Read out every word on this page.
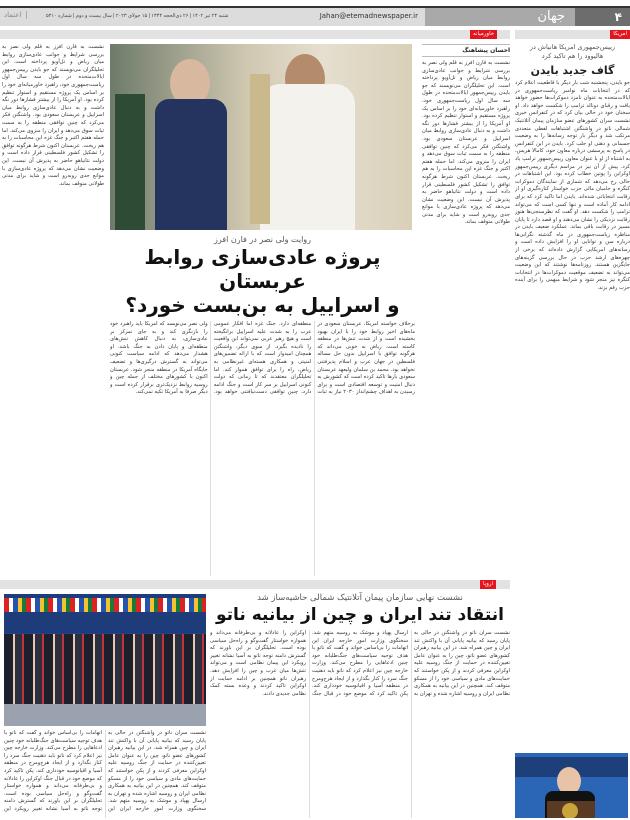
۴
جهان
Jahan@etemadnewspaper.ir
شنبه ۲۴ تیر ۱۴۰۲ | ۲۶ ذی‌الحجه ۱۴۴۴ | ۱۵ جولای ۲۰۲۳ | سال بیست و دوم | شماره ۵۴۱۰
اعتماد
امریکا
رییس‌جمهوری امریکا هانیاش در هالیوود را هم تاکید کرد
گاف جدید بایدن
جو بایدن، پنجشنبه شب بار دیگر با قاطعیت اعلام کرد که در انتخابات ماه نوامبر ریاست‌جمهوری در ایالات‌متحده به عنوان نامزد دموکرات‌ها حضور خواهد یافت و رقبای دونالد ترامپ را شکست خواهد داد. او سخنان خود در حالی بیان کرد که در کنفرانس خبری نشست سران کشورهای عضو سازمان پیمان آتلانتیک شمالی ناتو در واشنگتن اشتباهات لفظی متعددی مرتکب شد و دیگر بار توجه رسانه‌ها را به وضعیت جسمانی و ذهنی او جلب کرد. بایدن در این کنفرانس در پاسخ به پرسشی درباره معاون خود، کامالا هریس، به اشتباه از او با عنوان معاون رییس‌جمهور ترامپ یاد کرد. پیش از آن نیز در مراسم دیگری رییس‌جمهور اوکراین را پوتین خطاب کرده بود. این اشتباهات در حالی رخ می‌دهد که شماری از نمایندگان دموکرات کنگره و حامیان مالی حزب خواستار کناره‌گیری او از رقابت انتخاباتی شده‌اند. بایدن اما تاکید کرد که برای ادامه کار آماده است و تنها کسی است که می‌تواند ترامپ را شکست دهد. او گفت که نظرسنجی‌ها هنوز رقابت نزدیکی را نشان می‌دهند و او قصد دارد تا پایان مسیر در رقابت باقی بماند. عملکرد ضعیف بایدن در مناظره ریاست‌جمهوری در ماه گذشته نگرانی‌ها درباره سن و توانایی او را افزایش داده است و رسانه‌های امریکایی گزارش داده‌اند که برخی از چهره‌های ارشد حزب در حال بررسی گزینه‌های جایگزین هستند. روزنامه‌ها نوشتند که این وضعیت می‌تواند به تضعیف موقعیت دموکرات‌ها در انتخابات کنگره نیز منجر شود و شرایط مبهمی را برای آینده حزب رقم بزند.
خاورمیانه
احسان پیشاهنگ
نشست به قارن افرز به قلم ولی نصر به بررسی شرایط و جوانب عادی‌سازی روابط میان ریاض و تل‌آویو پرداخته است. این تحلیلگران می‌نویسند که جو بایدن رییس‌جمهور ایالات‌متحده در طول سه سال اول ریاست‌جمهوری خود، راهبرد خاورمیانه‌ای خود را بر اساس یک پروژه مستقیم و استوار تنظیم کرده بود. او آمریکا را از بیشتر فشارها دور نگه داشت و به دنبال عادی‌سازی روابط میان اسراییل و عربستان سعودی بود. واشنگتن فکر می‌کرد که چنین توافقی منطقه را به سمت ثبات سوق می‌دهد و ایران را منزوی می‌کند. اما حمله هفتم اکتبر و جنگ غزه این محاسبات را به هم ریخت. عربستان اکنون شرط هرگونه توافق را تشکیل کشور فلسطینی قرار داده است و دولت نتانیاهو حاضر به پذیرش آن نیست. این وضعیت نشان می‌دهد که پروژه عادی‌سازی با موانع جدی روبه‌رو است و شاید برای مدتی طولانی متوقف بماند.
روایت ولی نصر در فارن افرز
پروژه عادی‌سازی روابط عربستان
و اسراییل به بن‌بست خورد؟
برخلاف خواسته آمریکا، عربستان سعودی در ماه‌های اخیر روابط خود را با ایران بهبود بخشیده است و از شدت تنش‌ها در منطقه کاسته است. ریاض به خوبی می‌داند که هرگونه توافق با اسراییل بدون حل مساله فلسطین در جهان عرب و اسلام پذیرفتنی نخواهد بود. محمد بن سلمان ولیعهد عربستان سعودی بارها تاکید کرده است که کشورش به دنبال امنیت و توسعه اقتصادی است و برای رسیدن به اهداف چشم‌انداز ۲۰۳۰ نیاز به ثبات منطقه‌ای دارد. جنگ غزه اما افکار عمومی عرب را به شدت علیه اسراییل برانگیخته است و هیچ رهبر عربی نمی‌تواند این واقعیت را نادیده بگیرد. از سوی دیگر، واشنگتن همچنان امیدوار است که با ارائه تضمین‌های امنیتی و همکاری هسته‌ای غیرنظامی به ریاض، راه را برای توافق هموار کند. اما تحلیلگران معتقدند که تا زمانی که دولت کنونی اسراییل بر سر کار است و جنگ ادامه دارد، چنین توافقی دست‌نیافتنی خواهد بود. ولی نصر می‌نویسد که آمریکا باید راهبرد خود را بازنگری کند و به جای تمرکز بر عادی‌سازی، به دنبال کاهش تنش‌های منطقه‌ای و پایان دادن به جنگ باشد. او هشدار می‌دهد که ادامه سیاست کنونی می‌تواند به گسترش درگیری‌ها و تضعیف جایگاه آمریکا در منطقه منجر شود. عربستان اکنون با کشورهای مختلف از جمله چین و روسیه روابط نزدیک‌تری برقرار کرده است و دیگر صرفا به آمریکا تکیه نمی‌کند.
نشست به قارن افرز به قلم ولی نصر به بررسی شرایط و جوانب عادی‌سازی روابط میان ریاض و تل‌آویو پرداخته است. این تحلیلگران می‌نویسند که جو بایدن رییس‌جمهور ایالات‌متحده در طول سه سال اول ریاست‌جمهوری خود، راهبرد خاورمیانه‌ای خود را بر اساس یک پروژه مستقیم و استوار تنظیم کرده بود. او آمریکا را از بیشتر فشارها دور نگه داشت و به دنبال عادی‌سازی روابط میان اسراییل و عربستان سعودی بود. واشنگتن فکر می‌کرد که چنین توافقی منطقه را به سمت ثبات سوق می‌دهد و ایران را منزوی می‌کند. اما حمله هفتم اکتبر و جنگ غزه این محاسبات را به هم ریخت. عربستان اکنون شرط هرگونه توافق را تشکیل کشور فلسطینی قرار داده است و دولت نتانیاهو حاضر به پذیرش آن نیست. این وضعیت نشان می‌دهد که پروژه عادی‌سازی با موانع جدی روبه‌رو است و شاید برای مدتی طولانی متوقف بماند.
اروپا
نشست نهایی سازمان پیمان آتلانتیک شمالی حاشیه‌ساز شد
انتقاد تند ایران و چین از بیانیه ناتو
نشست سران ناتو در واشنگتن در حالی به پایان رسید که بیانیه پایانی آن با واکنش تند ایران و چین همراه شد. در این بیانیه رهبران کشورهای عضو ناتو، چین را به عنوان عامل تعیین‌کننده در حمایت از جنگ روسیه علیه اوکراین معرفی کردند و از پکن خواستند که حمایت‌های مادی و سیاسی خود را از مسکو متوقف کند. همچنین در این بیانیه به همکاری نظامی ایران و روسیه اشاره شده و تهران به ارسال پهپاد و موشک به روسیه متهم شد. سخنگوی وزارت امور خارجه ایران این اتهامات را بی‌اساس خواند و گفت که ناتو با هدف توجیه سیاست‌های جنگ‌طلبانه خود چنین ادعاهایی را مطرح می‌کند. وزارت خارجه چین نیز اعلام کرد که ناتو باید ذهنیت جنگ سرد را کنار بگذارد و از ایجاد هرج‌ومرج در منطقه آسیا و اقیانوسیه خودداری کند. پکن تاکید کرد که موضع خود در قبال جنگ اوکراین را عادلانه و بی‌طرفانه می‌داند و همواره خواستار گفت‌وگو و راه‌حل سیاسی بوده است. تحلیلگران بر این باورند که گسترش دامنه توجه ناتو به آسیا نشانه تغییر رویکرد این پیمان نظامی است و می‌تواند تنش‌ها میان غرب و چین را افزایش دهد. رهبران ناتو همچنین بر ادامه حمایت از اوکراین تاکید کردند و وعده بسته کمک نظامی جدیدی دادند.
نشست سران ناتو در واشنگتن در حالی به پایان رسید که بیانیه پایانی آن با واکنش تند ایران و چین همراه شد. در این بیانیه رهبران کشورهای عضو ناتو، چین را به عنوان عامل تعیین‌کننده در حمایت از جنگ روسیه علیه اوکراین معرفی کردند و از پکن خواستند که حمایت‌های مادی و سیاسی خود را از مسکو متوقف کند. همچنین در این بیانیه به همکاری نظامی ایران و روسیه اشاره شده و تهران به ارسال پهپاد و موشک به روسیه متهم شد. سخنگوی وزارت امور خارجه ایران این اتهامات را بی‌اساس خواند و گفت که ناتو با هدف توجیه سیاست‌های جنگ‌طلبانه خود چنین ادعاهایی را مطرح می‌کند. وزارت خارجه چین نیز اعلام کرد که ناتو باید ذهنیت جنگ سرد را کنار بگذارد و از ایجاد هرج‌ومرج در منطقه آسیا و اقیانوسیه خودداری کند. پکن تاکید کرد که موضع خود در قبال جنگ اوکراین را عادلانه و بی‌طرفانه می‌داند و همواره خواستار گفت‌وگو و راه‌حل سیاسی بوده است. تحلیلگران بر این باورند که گسترش دامنه توجه ناتو به آسیا نشانه تغییر رویکرد این
